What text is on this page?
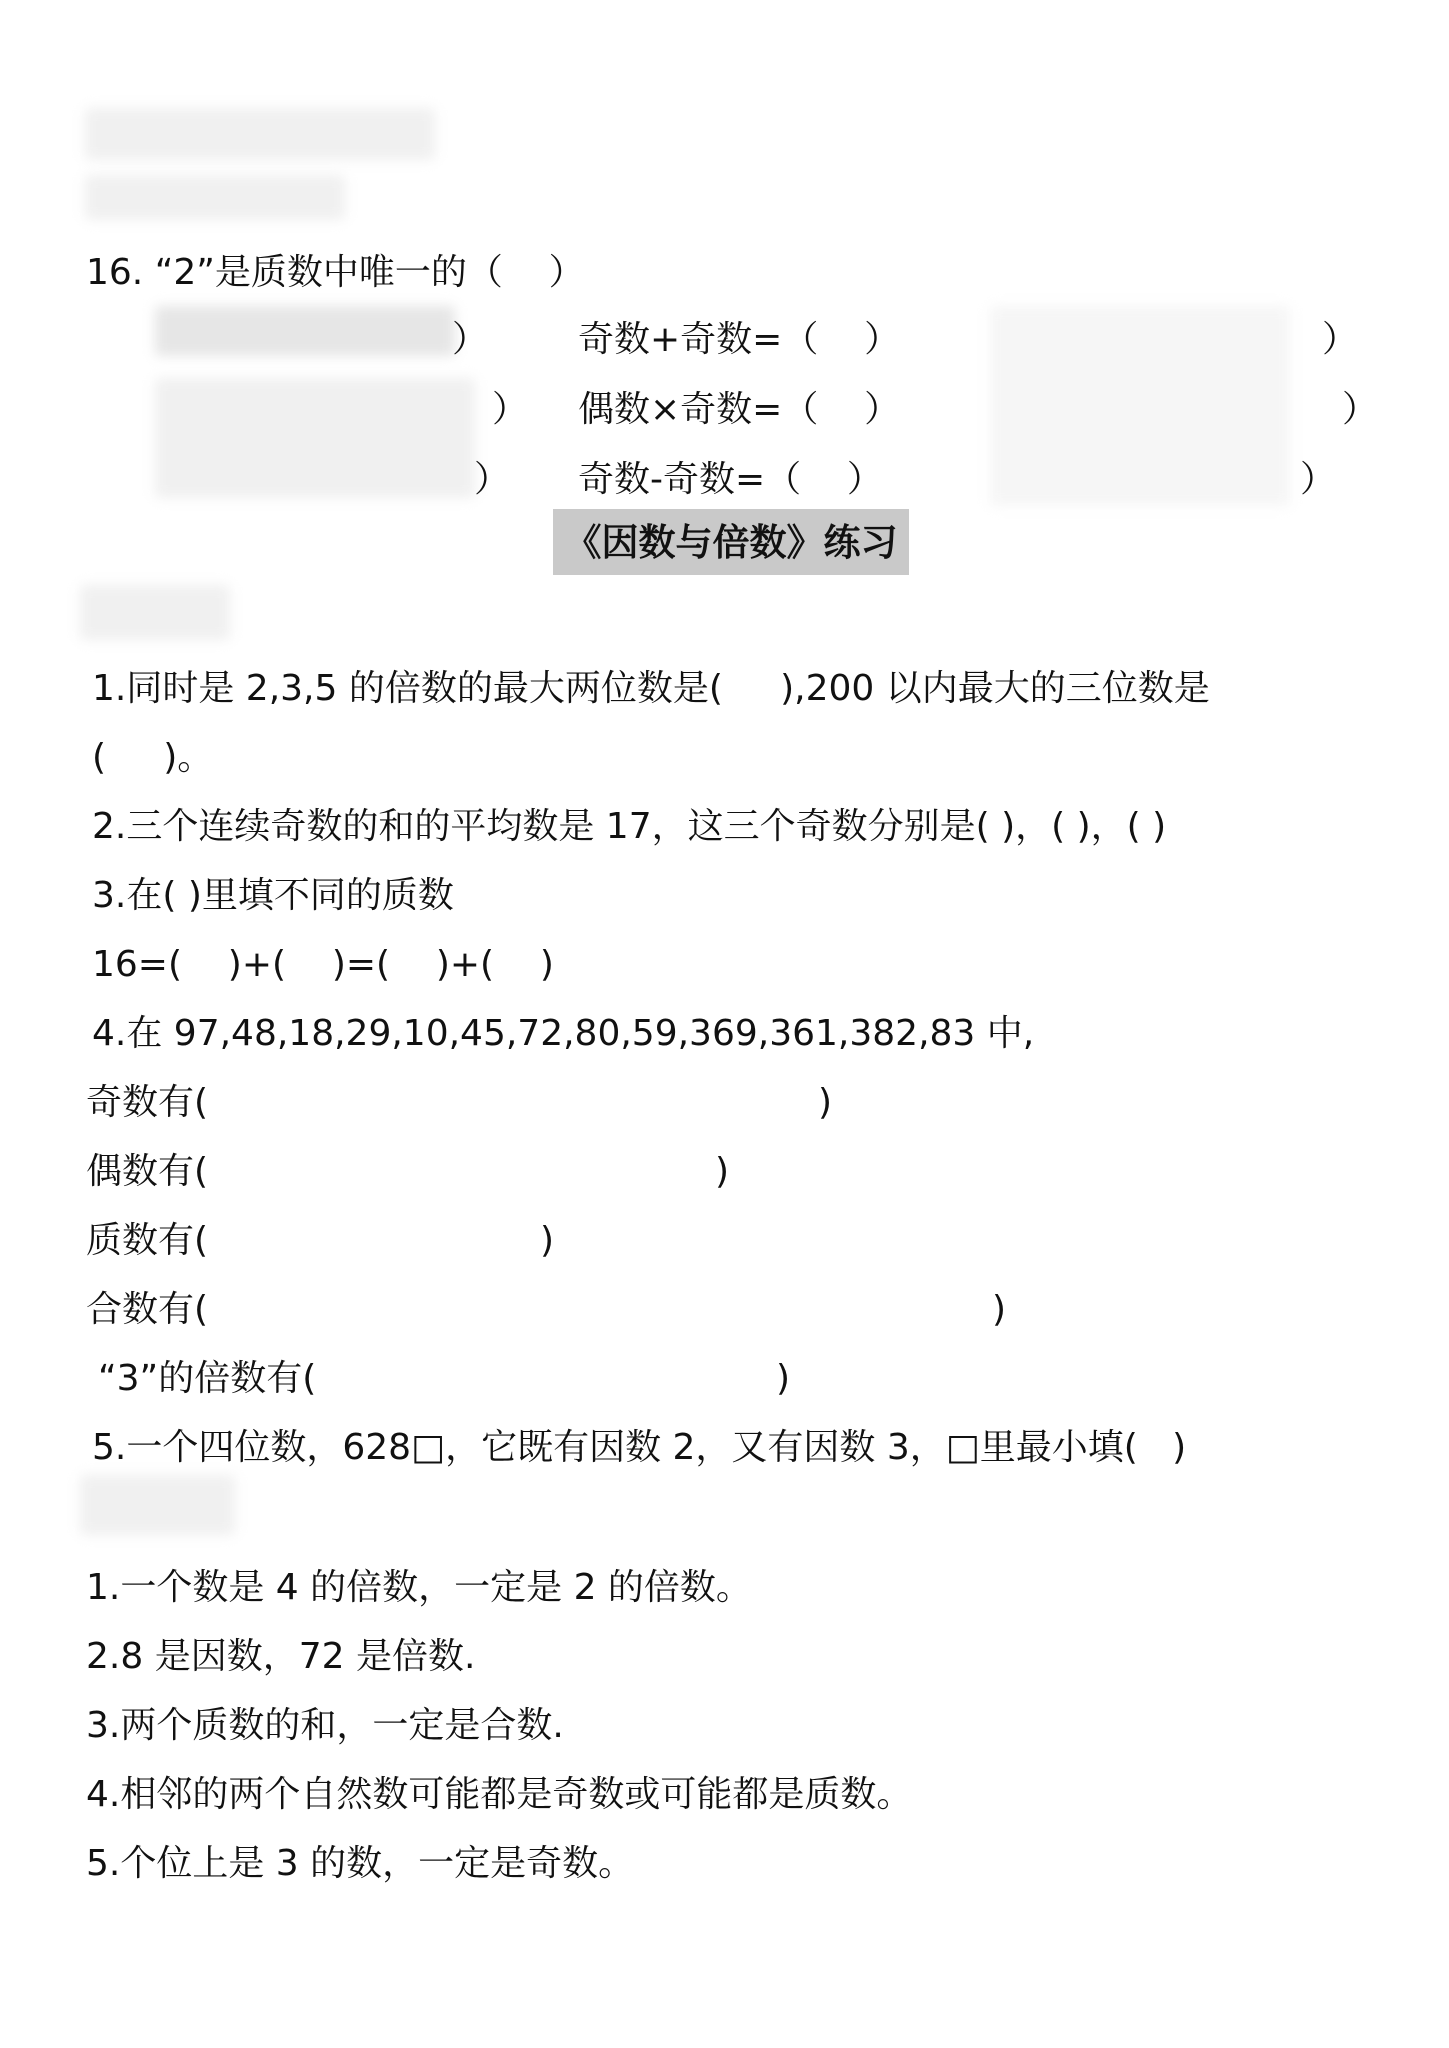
16. “2”是质数中唯一的（    ）
） 奇数+奇数=（    ）	）
） 偶数×奇数=（    ）	）
） 奇数-奇数=（    ）	）
《因数与倍数》练习
1.同时是 2,3,5 的倍数的最大两位数是(     ),200 以内最大的三位数是
(     )。
2.三个连续奇数的和的平均数是 17，这三个奇数分别是( )，( )，( )
3.在( )里填不同的质数
16=(    )+(    )=(    )+(    )
4.在 97,48,18,29,10,45,72,80,59,369,361,382,83 中,
奇数有(	)
偶数有(	)
质数有(	)
合数有(	)
“3”的倍数有(	)
5.一个四位数，628□，它既有因数 2，又有因数 3，□里最小填(   )
1.一个数是 4 的倍数，一定是 2 的倍数。
2.8 是因数，72 是倍数.
3.两个质数的和，一定是合数.
4.相邻的两个自然数可能都是奇数或可能都是质数。
5.个位上是 3 的数，一定是奇数。
